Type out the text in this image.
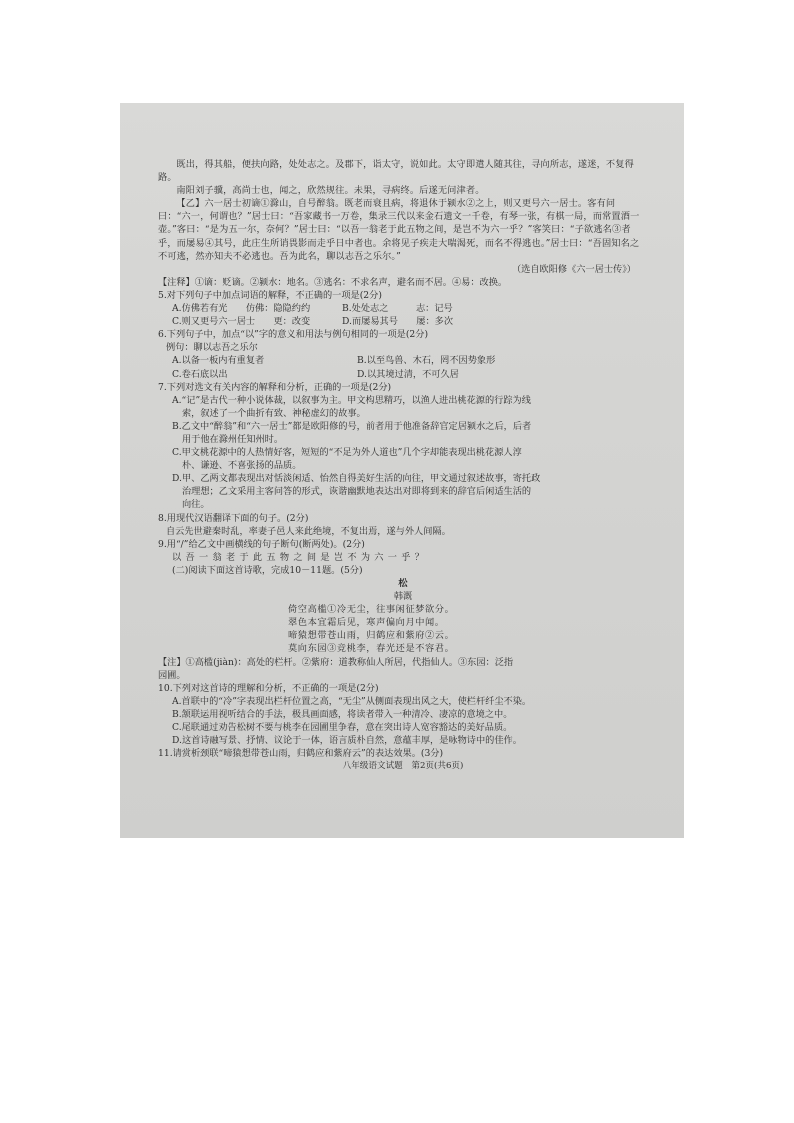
既出，得其船，便扶向路，处处志之。及郡下，诣太守，说如此。太守即遣人随其往，寻向所志，遂迷，不复得路。

南阳刘子骥，高尚士也，闻之，欣然规往。未果，寻病终。后遂无问津者。

【乙】六一居士初谪①滁山，自号醉翁。既老而衰且病，将退休于颍水②之上，则又更号六一居士。客有问曰：“六一，何谓也？”居士曰：“吾家藏书一万卷，集录三代以来金石遗文一千卷，有琴一张，有棋一局，而常置酒一壶。”客曰：“是为五一尔，奈何？”居士曰：“以吾一翁老于此五物之间，是岂不为六一乎？”客笑曰：“子欲逃名③者乎，而屡易④其号，此庄生所诮畏影而走乎日中者也。余将见子疾走大喘渴死，而名不得逃也。”居士曰：“吾固知名之不可逃，然亦知夫不必逃也。吾为此名，聊以志吾之乐尔。”

（选自欧阳修《六一居士传》）

【注释】①谪：贬谪。②颍水：地名。③逃名：不求名声，避名而不居。④易：改换。

5.对下列句子中加点词语的解释，不正确的一项是(2分)
A.仿佛若有光　　仿佛：隐隐约约	B.处处志之　　　志：记号
C.则又更号六一居士　　更：改变	D.而屡易其号　　屡：多次
6.下列句子中，加点“以”字的意义和用法与例句相同的一项是(2分)
例句：聊以志吾之乐尔
A.以备一板内有重复者	B.以至鸟兽、木石，罔不因势象形
C.卷石底以出	D.以其境过清，不可久居
7.下列对选文有关内容的解释和分析，正确的一项是(2分)
A.“记”是古代一种小说体裁，以叙事为主。甲文构思精巧，以渔人进出桃花源的行踪为线
索，叙述了一个曲折有致、神秘虚幻的故事。
B.乙文中“醉翁”和“六一居士”都是欧阳修的号，前者用于他准备辞官定居颍水之后，后者
用于他在滁州任知州时。
C.甲文桃花源中的人热情好客，短短的“不足为外人道也”几个字却能表现出桃花源人淳
朴、谦逊、不喜张扬的品质。
D.甲、乙两文都表现出对恬淡闲适、怡然自得美好生活的向往，甲文通过叙述故事，寄托政
治理想；乙文采用主客问答的形式，诙谐幽默地表达出对即将到来的辞官后闲适生活的
向往。
8.用现代汉语翻译下面的句子。(2分)
自云先世避秦时乱，率妻子邑人来此绝境，不复出焉，遂与外人间隔。
9.用“/”给乙文中画横线的句子断句(断两处)。(2分)
以吾一翁老于此五物之间是岂不为六一乎？
(二)阅读下面这首诗歌，完成10－11题。(5分)
松
韩溉
倚空高槛①冷无尘，往事闲征梦欲分。
翠色本宜霜后见，寒声偏向月中闻。
啼猿想带苍山雨，归鹤应和紫府②云。
莫向东园③竞桃李，春光还是不容君。
【注】①高槛(jiàn)：高处的栏杆。②紫府：道教称仙人所居，代指仙人。③东园：泛指
园圃。
10.下列对这首诗的理解和分析，不正确的一项是(2分)
A.首联中的“冷”字表现出栏杆位置之高，“无尘”从侧面表现出风之大，使栏杆纤尘不染。
B.颔联运用视听结合的手法，极具画面感，将读者带入一种清冷、凄凉的意境之中。
C.尾联通过劝告松树不要与桃李在园圃里争春，意在突出诗人宽容豁达的美好品质。
D.这首诗融写景、抒情、议论于一体，语言质朴自然，意蕴丰厚，是咏物诗中的佳作。
11.请赏析颈联“啼猿想带苍山雨，归鹤应和紫府云”的表达效果。(3分)
八年级语文试题　第2页(共6页)
